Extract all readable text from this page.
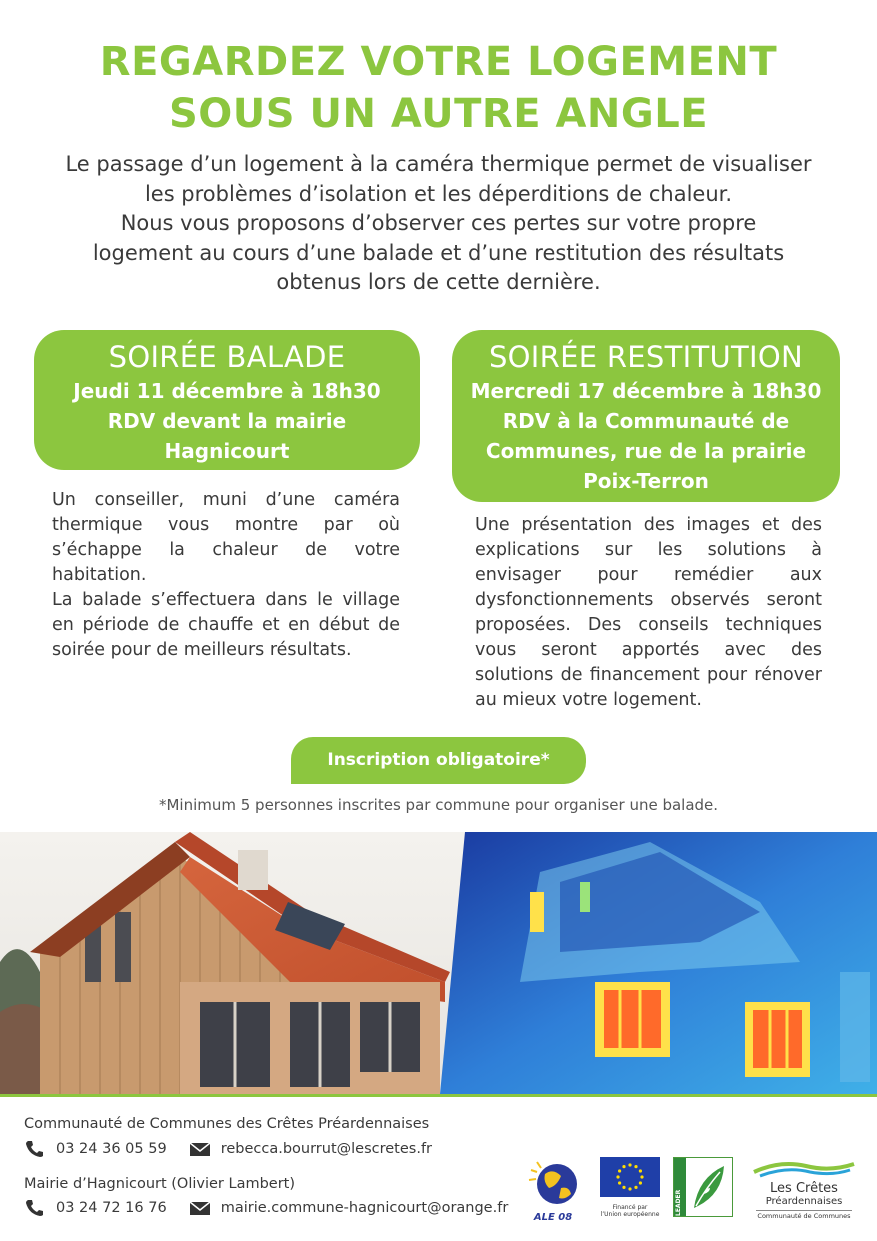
REGARDEZ VOTRE LOGEMENT
SOUS UN AUTRE ANGLE
Le passage d’un logement à la caméra thermique permet de visualiser
les problèmes d’isolation et les déperditions de chaleur.
Nous vous proposons d’observer ces pertes sur votre propre
logement au cours d’une balade et d’une restitution des résultats
obtenus lors de cette dernière.
SOIRÉE BALADE
Jeudi 11 décembre à 18h30
RDV devant la mairie
Hagnicourt
SOIRÉE RESTITUTION
Mercredi 17 décembre à 18h30
RDV à la Communauté de
Communes, rue de la prairie
Poix-Terron

Un conseiller, muni d’une caméra thermique vous montre par où s’échappe la chaleur de votre habitation.

La balade s’effectuera dans le village en période de chauffe et en début de soirée pour de meilleurs résultats.

Une présentation des images et des explications sur les solutions à envisager pour remédier aux dysfonctionnements observés seront proposées. Des conseils techniques vous seront apportés avec des solutions de financement pour rénover au mieux votre logement.

Inscription obligatoire*
*Minimum 5 personnes inscrites par commune pour organiser une balade.
Communauté de Communes des Crêtes Préardennaises
03 24 36 05 59	rebecca.bourrut@lescretes.fr
Mairie d’Hagnicourt (Olivier Lambert)
03 24 72 16 76	mairie.commune-hagnicourt@orange.fr
ALE 08
Financé par
l’Union européenne	LEADER
Les Crêtes
Préardennaises
Communauté de Communes
